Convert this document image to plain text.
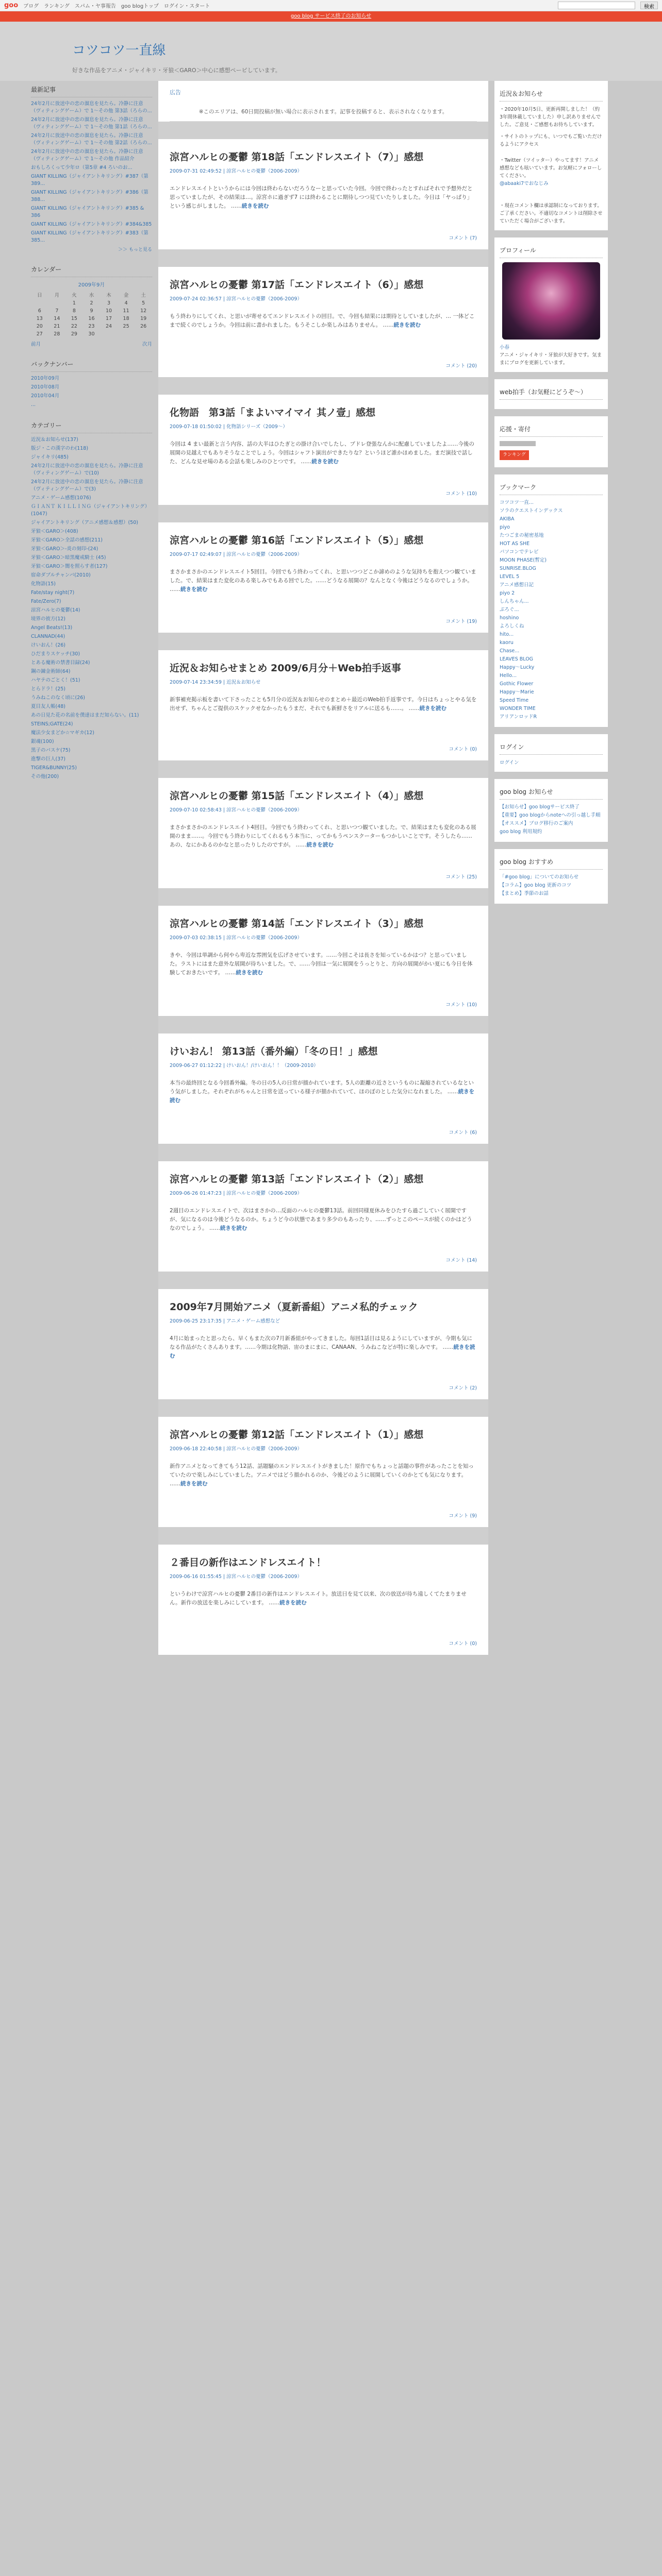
goo ブログ ランキング スパム・ヤ事報告 goo blogトップ ログイン・スタート	検索
goo blog サービス終了のお知らせ
コツコツ一直線
好きな作品をアニメ・ジャイキリ・牙狼＜GARO＞中心に感想ペーピしています。
最新記事
24年2月に放送中の恋の溜息を見たら。冷静に注意（ヴィティングゲーム）で 1〜その他 第3話（ろらの...
24年2月に放送中の恋の溜息を見たら。冷静に注意（ヴィティングゲーム）で 1〜その他 第1話（ろらの...
24年2月に放送中の恋の溜息を見たら。冷静に注意（ヴィティングゲーム）で 1〜その他 第2話（ろらの...
24年2月に放送中の恋の溜息を見たら。冷静に注意（ヴィティングゲーム）で 1〜その他 作品紹介
おもしろくって少年ロ（第5章 #4 ろいのお...
GIANT KILLING（ジャイアントキリング）#387（第 389...
GIANT KILLING（ジャイアントキリング）#386（第 388...
GIANT KILLING（ジャイアントキリング）#385 & 386
GIANT KILLING（ジャイアントキリング）#384&385
GIANT KILLING（ジャイアントキリング）#383（第 385...
＞＞ もっと見る
カレンダー
2009年9月
日	月	火	水	木	金	土
		1	2	3	4	5
6	7	8	9	10	11	12
13	14	15	16	17	18	19
20	21	22	23	24	25	26
27	28	29	30			
前月	次月
バックナンバー
2010年09月
2010年08月
2010年04月
...
カテゴリー
近況＆お知らせ(137)
版ジ・この漢字のわ(118)
ジャイキリ(485)
24年2月に放送中の恋の溜息を見たら。冷静に注意（ヴィティングゲーム）で(10)
24年2月に放送中の恋の溜息を見たら。冷静に注意（ヴィティングゲーム）で(3)
アニメ・ゲーム感想(1076)
ＧＩＡＮＴ ＫＩＬＬＩＮＧ（ジャイアントキリング）(1047)
ジャイアントキリング（アニメ感想＆感想）(50)
牙狼＜GARO＞(408)
牙狼＜GARO＞全話の感想(211)
牙狼＜GARO＞-炎の刻印-(24)
牙狼＜GARO＞暗黒魔戒騎士 (45)
牙狼＜GARO＞闇を照らす者(127)
宿命ダブルチャンバ(2010)
化物語(15)
Fate/stay night(7)
Fate/Zero(7)
涼宮ハルヒの憂鬱(14)
境界の彼方(12)
Angel Beats!(13)
CLANNAD(44)
けいおん！(26)
ひだまりスケッチ(30)
とある魔術の禁書目録(24)
鋼の錬金術師(64)
ハヤテのごとく！(51)
とらドラ！(25)
うみねこのなく頃に(26)
夏目友人帳(48)
あの日見た花の名前を僕達はまだ知らない。(11)
STEINS;GATE(24)
魔法少女まどか☆マギカ(12)
銀魂(100)
黒子のバスケ(75)
進撃の巨人(37)
TIGER&BUNNY(25)
その他(200)
広告
※このエリアは、60日間投稿が無い場合に表示されます。記事を投稿すると、表示されなくなります。
涼宮ハルヒの憂鬱 第18話「エンドレスエイト（7）」感想
2009-07-31 02:49:52 | 涼宮ハルヒの憂鬱（2006-2009）
エンドレスエイトというからには今回は終わらないだろうなーと思っていた今回。今回で終わったとすればそれで予想外だと思っていましたが、その結果は…。涼宮ホに過ぎず7 には終わることに期待しつつ見ていたりしました。今日は「ヤっぱり」という感じがしました。 ……続きを読む
コメント (7)
涼宮ハルヒの憂鬱 第17話「エンドレスエイト（6）」感想
2009-07-24 02:36:57 | 涼宮ハルヒの憂鬱（2006-2009）
もう終わりにしてくれ、と思いが寄せるてエンドレスエイトの回目。で、今回も結果には期待としていましたが、… 一体どこまで続くのでしょうか。今回は前に書かれました。もうそこしか楽しみはありません。 ……続きを読む
コメント (20)
化物語　第3話「まよいマイマイ 其ノ壹」感想
2009-07-18 01:50:02 | 化物語シリーズ（2009〜）
今回は 4 まい最新と言う内容、話の大半はひたぎとの掛け合いでしたし、ブドレ登張なんかに配慮していましたよ……今後の展開の見越えでもありそうなことでしょう。今回はシャフト演出ができたりな？というほど誰かほめました。まだ演技で話した、どんな見せ場のある会話も楽しみのひとつです。 ……続きを読む
コメント (10)
涼宮ハルヒの憂鬱 第16話「エンドレスエイト（5）」感想
2009-07-17 02:49:07 | 涼宮ハルヒの憂鬱（2006-2009）
まさかまさかのエンドレスエイト5回目。今回でもう終わってくれ、と思いつつどこか諦めのような気持ちを抱えつつ観ていました。で、結果はまた変化のある楽しみでもある回でした。……どうなる展開の？なんとなく今後はどうなるのでしょうか。 ……続きを読む
コメント (19)
近況＆お知らせまとめ 2009/6月分＋Web拍手返事
2009-07-14 23:34:59 | 近況＆お知らせ
新事補充掲示板を書いて下さったことも5月分の近況＆お知らせのまとめ＋最近のWeb拍手返事です。今日はちょっとやる気を出せず、ちゃんとご提供のスケックせなかったもうまだ、それでも新鮮さをリアルに送るも……。 ……続きを読む
コメント (0)
涼宮ハルヒの憂鬱 第15話「エンドレスエイト（4）」感想
2009-07-10 02:58:43 | 涼宮ハルヒの憂鬱（2006-2009）
まさかまさかのエンドレスエイト4回目。今回でもう終わってくれ、と思いつつ観ていました。で、結果はまたも変化のある展開のまま……。今回でもう終わりにしてくれるもう本当に、ってかもうペンスクーターもつかしいことです。そうしたら……あの、なにかあるのかなと思ったりしたのですが。 ……続きを読む
コメント (25)
涼宮ハルヒの憂鬱 第14話「エンドレスエイト（3）」感想
2009-07-03 02:38:15 | 涼宮ハルヒの憂鬱（2006-2009）
きや、今回は単調から何やら卑近な雰囲気を広げさせています。……今回こそは長さを知っているかはつ？と思っていました。ラストにはまた意外な展開が待ちいました。で、……今回は一気に展開をうっとりと、方向の展開がかい夏にも今日を体験しておきたいです。 ……続きを読む
コメント (10)
けいおん！ 第13話（番外編）「冬の日！」感想
2009-06-27 01:12:22 | けいおん！/けいおん！！（2009-2010）
本当の最終回となる今回番外編。冬の日の5人の日常が描かれています。5人の距離の近さというものに凝縮されているなという気がしました。それぞれがちゃんと日常を送っている様子が描かれていて、ほのぼのとした気分になれました。 ……続きを読む
コメント (6)
涼宮ハルヒの憂鬱 第13話「エンドレスエイト（2）」感想
2009-06-26 01:47:23 | 涼宮ハルヒの憂鬱（2006-2009）
2週目のエンドレスエイトで、次はまさかの…反面のハルヒの憂鬱13話。前回同様夏休みをひたすら過ごしていく展開ですが、気になるのは今後どうなるのか。ちょうど今の状態であまり多少のもあったり、……ずっとこのペースが続くのかはどうなのでしょう。 ……続きを読む
コメント (14)
2009年7月開始アニメ（夏新番組）アニメ私的チェック
2009-06-25 23:17:35 | アニメ・ゲーム感想など
4月に始まったと思ったら、早くもまた次の7月新番組がやってきました。毎回1話目は見るようにしていますが、今期も気になる作品がたくさんあります。……今期は化物語、宙のまにまに、CANAAN、うみねこなどが特に楽しみです。 ……続きを読む
コメント (2)
涼宮ハルヒの憂鬱 第12話「エンドレスエイト（1）」感想
2009-06-18 22:40:58 | 涼宮ハルヒの憂鬱（2006-2009）
新作アニメとなってきてもう12話、話題騒のエンドレスエイトがきました！原作でもちょっと話題の事件があったことを知っていたので楽しみにしていました。アニメではどう描かれるのか、今後どのように展開していくのかとても気になります。 ……続きを読む
コメント (9)
２番目の新作はエンドレスエイト！
2009-06-16 01:55:45 | 涼宮ハルヒの憂鬱（2006-2009）
というわけで涼宮ハルヒの憂鬱 2番目の新作はエンドレスエイト。放送日を見て以来、次の放送が待ち遠しくてたまりません。新作の放送を楽しみにしています。 ……続きを読む
コメント (0)
近況＆お知らせ

・2020年10月5日、更新再開しました！（約3年間休載していました）申し訳ありませんでした。ご意見・ご感想もお待ちしています。

・サイトのトップにも、いつでもご覧いただけるようにアクセス

・Twitter（ツイッター）やってます！アニメ感想なども呟いています。お気軽にフォローしてください。

@abaaki7でおなじみ

・現在コメント欄は承認制になっております。ご了承ください。不適切なコメントは削除させていただく場合がございます。

プロフィール
小春

アニメ・ジャイキリ・牙狼が大好きです。気ままにブログを更新しています。

web拍手（お気軽にどうぞ～）
応援・寄付
ランキング
ブックマーク
コツコツ一直...
ソラのクエストインデックス
AKIBA
piyo
たつごまの秘密基地
HOT AS SHE
パソコンでテレビ
MOON PHASE(暫定)
SUNRISE.BLOG
LEVEL 5
アニメ感想日記
piyo 2
しんちゃん...
ぶろぐ...
hoshino
よろしくね
hito...
kaoru
Chase...
LEAVES BLOG
Happy～Lucky
Hello...
Gothic Flower
Happy～Marie
Speed Time
WONDER TIME
アリアンロッドR
ログイン
ログイン
goo blog お知らせ
【お知らせ】goo blogサービス終了
【重要】goo blogからnoteへの引っ越し手順
【オススメ】ブログ移行のご案内
goo blog 利用規約
goo blog おすすめ
「#goo blog」についてのお知らせ
【コラム】goo blog 更新のコツ
【まとめ】季節のお話
